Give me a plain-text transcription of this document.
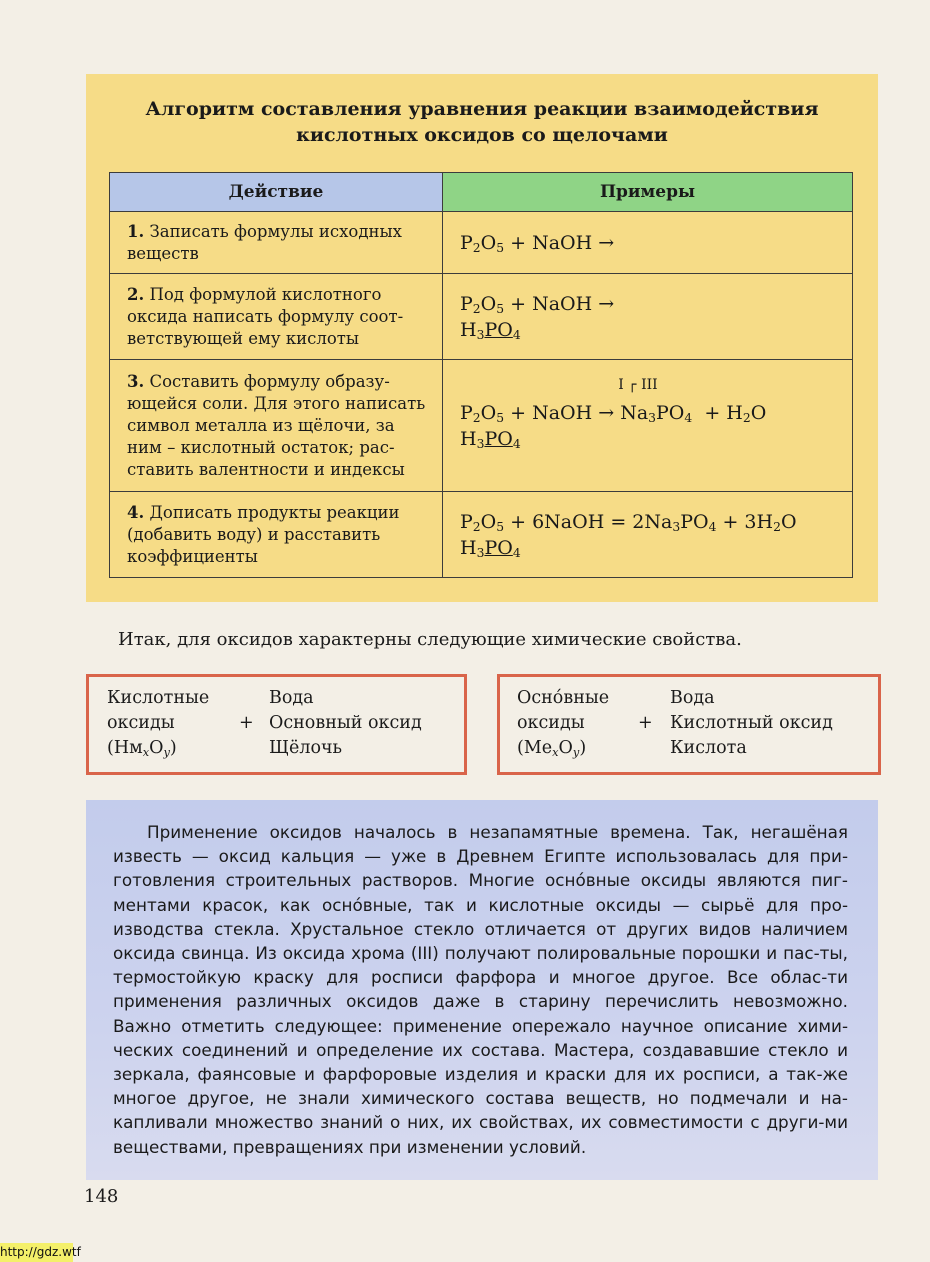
Алгоритм составления уравнения реакции взаимодействия
кислотных оксидов со щелочами
Действие	Примеры
1. Записать формулы исходных веществ	$P_2O_5$ + NaOH →
2. Под формулой кислотного оксида написать формулу соот-ветствующей ему кислоты	$P_2O_5$ + NaOH →
$H_3PO_4$
3. Составить формулу образу-ющейся соли. Для этого написать символ металла из щёлочи, за ним – кислотный остаток; рас-ставить валентности и индексы	$P_2O_5$ + NaOH → Na
I ┌ III
$_3PO_4 + H_2O$
$H_3PO_4$
4. Дописать продукты реакции (добавить воду) и расставить коэффициенты	$P_2O_5$ + 6NaOH = $2Na_3PO_4 + 3H_2O$
$H_3PO_4$
Итак, для оксидов характерны следующие химические свойства.
Кислотные
оксиды
$(Нм_xO_y)$
+
Вода
Основный оксид
Щёлочь
Оснóвные
оксиды
$(Me_xO_y)$
+
Вода
Кислотный оксид
Кислота
Применение оксидов началось в незапамятные времена. Так, негашёная известь — оксид кальция — уже в Древнем Египте использовалась для при-готовления строительных растворов. Многие оснóвные оксиды являются пиг-ментами красок, как оснóвные, так и кислотные оксиды — сырьё для про-изводства стекла. Хрустальное стекло отличается от других видов наличием оксида свинца. Из оксида хрома (III) получают полировальные порошки и пас-ты, термостойкую краску для росписи фарфора и многое другое. Все облас-ти применения различных оксидов даже в старину перечислить невозможно. Важно отметить следующее: применение опережало научное описание хими-ческих соединений и определение их состава. Мастера, создававшие стекло и зеркала, фаянсовые и фарфоровые изделия и краски для их росписи, а так-же многое другое, не знали химического состава веществ, но подмечали и на-капливали множество знаний о них, их свойствах, их совместимости с други-ми веществами, превращениях при изменении условий.
148
http://gdz.wtf
